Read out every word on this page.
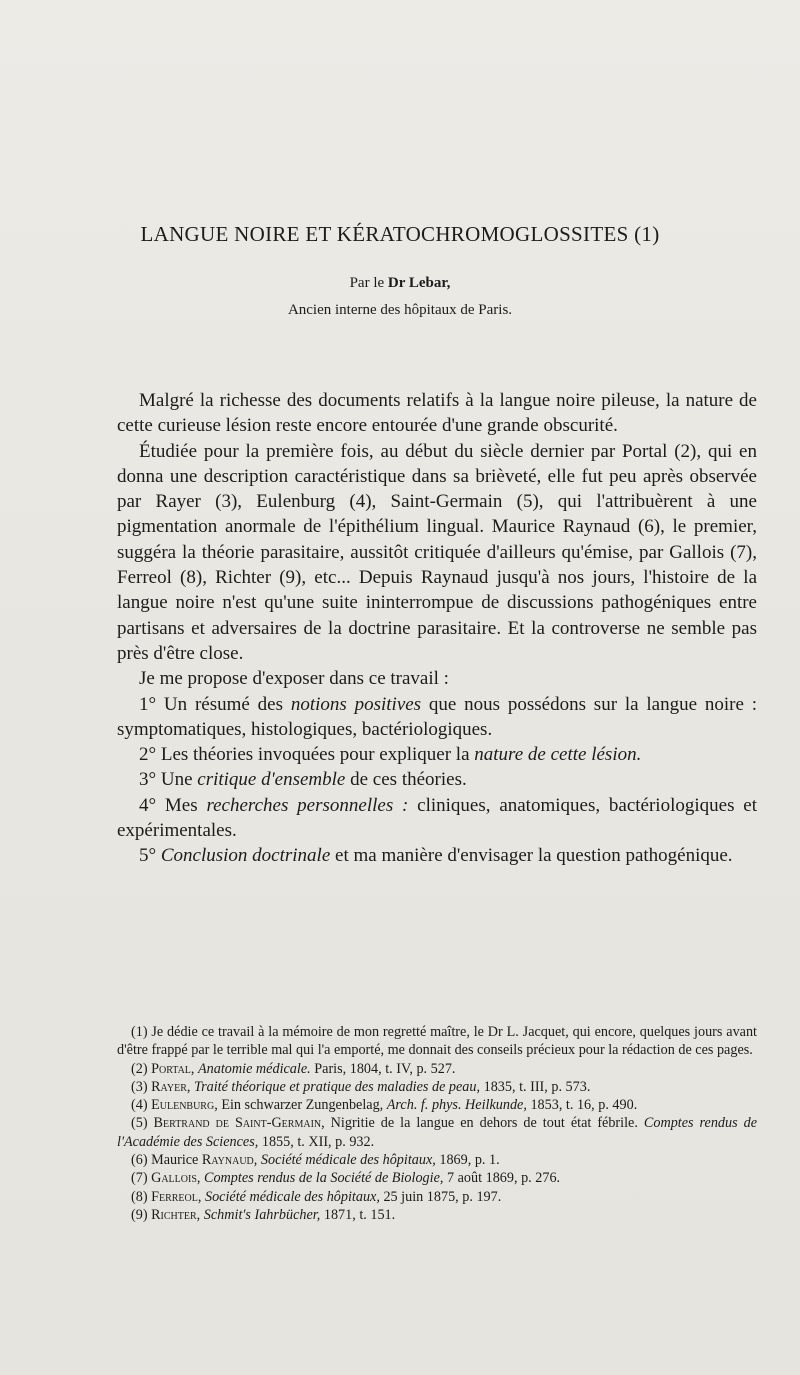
LANGUE NOIRE ET KÉRATOCHROMOGLOSSITES (1)
Par le Dr Lebar,
Ancien interne des hôpitaux de Paris.

Malgré la richesse des documents relatifs à la langue noire pileuse, la nature de cette curieuse lésion reste encore entourée d'une grande obscurité.

Étudiée pour la première fois, au début du siècle dernier par Portal (2), qui en donna une description caractéristique dans sa brièveté, elle fut peu après observée par Rayer (3), Eulenburg (4), Saint-Germain (5), qui l'attribuèrent à une pigmentation anormale de l'épithélium lingual. Maurice Raynaud (6), le premier, suggéra la théorie parasitaire, aussitôt critiquée d'ailleurs qu'émise, par Gallois (7), Ferreol (8), Richter (9), etc... Depuis Raynaud jusqu'à nos jours, l'histoire de la langue noire n'est qu'une suite ininterrompue de discussions pathogéniques entre partisans et adversaires de la doctrine parasitaire. Et la controverse ne semble pas près d'être close.

Je me propose d'exposer dans ce travail :

1° Un résumé des notions positives que nous possédons sur la langue noire : symptomatiques, histologiques, bactériologiques.

2° Les théories invoquées pour expliquer la nature de cette lésion.

3° Une critique d'ensemble de ces théories.

4° Mes recherches personnelles : cliniques, anatomiques, bactériologiques et expérimentales.

5° Conclusion doctrinale et ma manière d'envisager la question pathogénique.

(1) Je dédie ce travail à la mémoire de mon regretté maître, le Dr L. Jacquet, qui encore, quelques jours avant d'être frappé par le terrible mal qui l'a emporté, me donnait des conseils précieux pour la rédaction de ces pages.

(2) Portal, Anatomie médicale. Paris, 1804, t. IV, p. 527.

(3) Rayer, Traité théorique et pratique des maladies de peau, 1835, t. III, p. 573.

(4) Eulenburg, Ein schwarzer Zungenbelag, Arch. f. phys. Heilkunde, 1853, t. 16, p. 490.

(5) Bertrand de Saint-Germain, Nigritie de la langue en dehors de tout état fébrile. Comptes rendus de l'Académie des Sciences, 1855, t. XII, p. 932.

(6) Maurice Raynaud, Société médicale des hôpitaux, 1869, p. 1.

(7) Gallois, Comptes rendus de la Société de Biologie, 7 août 1869, p. 276.

(8) Ferreol, Société médicale des hôpitaux, 25 juin 1875, p. 197.

(9) Richter, Schmit's Iahrbücher, 1871, t. 151.
